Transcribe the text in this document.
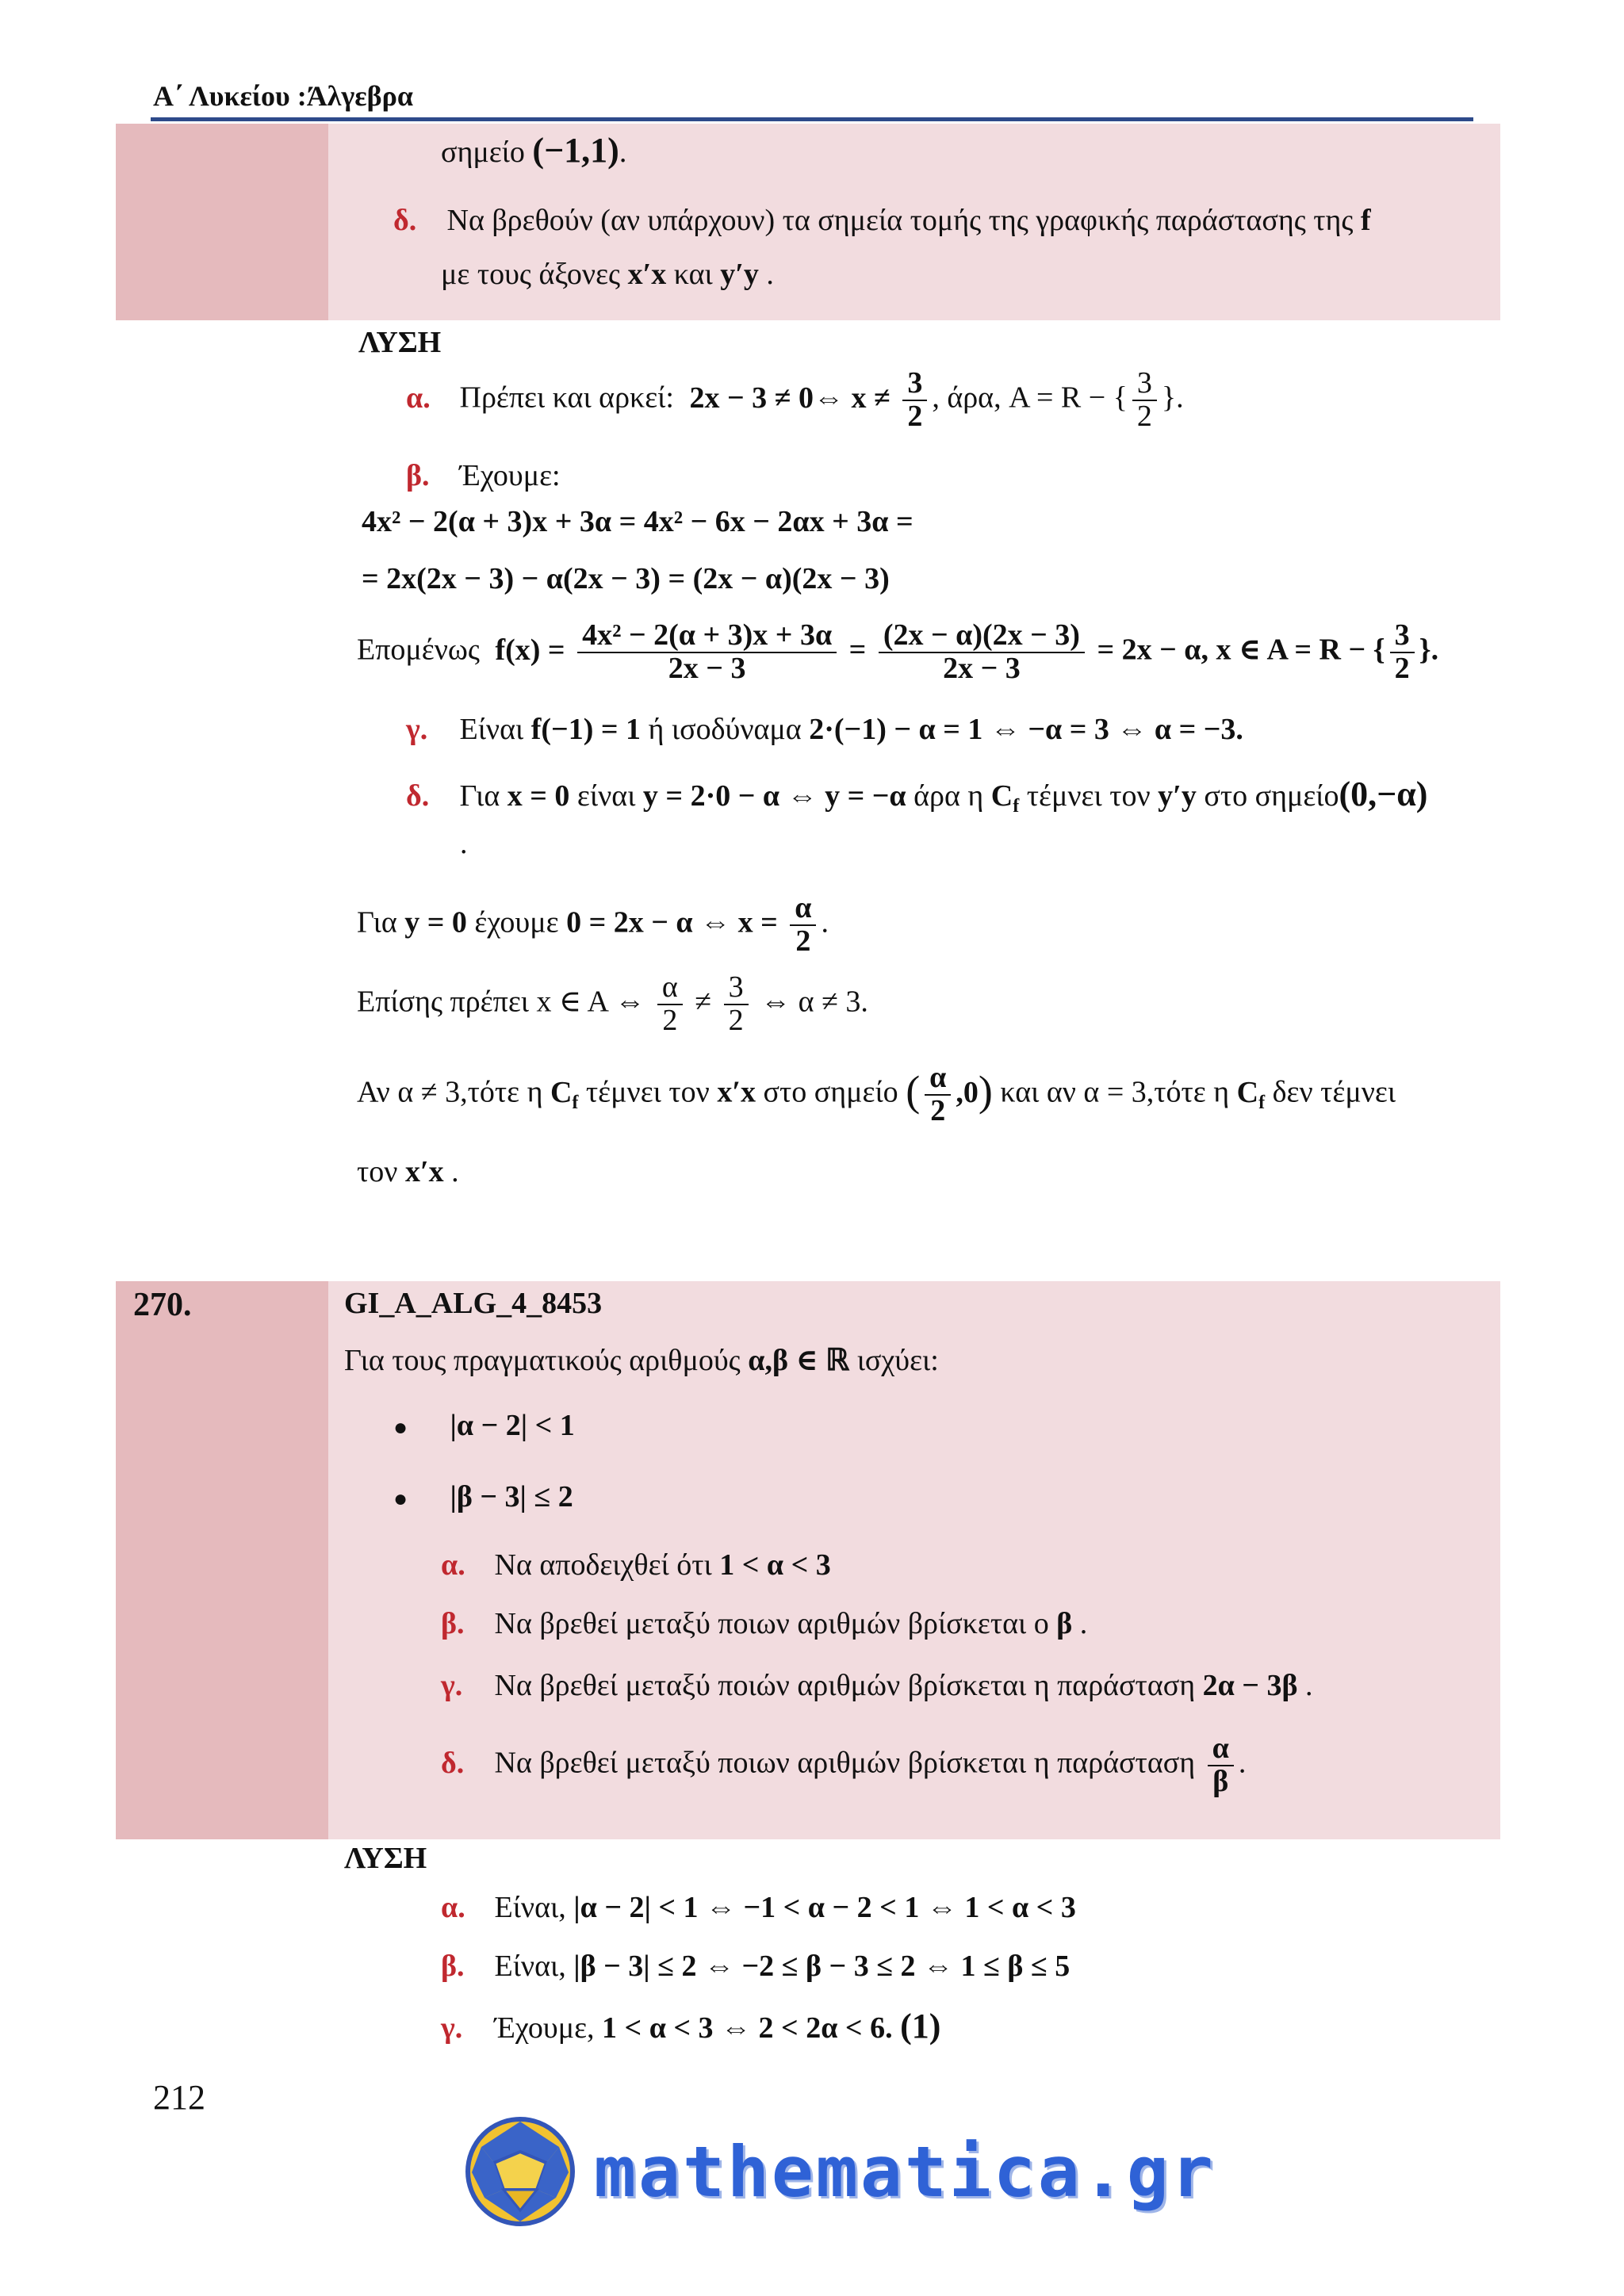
Α΄ Λυκείου :Άλγεβρα
σημείο (−1,1).
δ. Να βρεθούν (αν υπάρχουν) τα σημεία τομής της γραφικής παράστασης της f
με τους άξονες x′x και y′y .
ΛΥΣΗ
α. Πρέπει και αρκεί: 2x − 3 ≠ 0⇔ $x \ne \frac{3}{2}$ , άρα, A = R − { $\frac{3}{2}$ }.
β. Έχουμε:
4x² − 2(α + 3)x + 3α = 4x² − 6x − 2αx + 3α =
= 2x(2x − 3) − α(2x − 3) = (2x − α)(2x − 3)
Επομένως $f(x) = \frac{\text{4x² − 2(α + 3)x + 3α}}{2x - 3} = \frac{(2x - \alpha)(2x - 3)}{2x - 3} = 2x - \alpha$, x ∈ A = R − { $\frac{3}{2}$ }.
γ. Είναι f(−1) = 1 ή ισοδύναμα 2·(−1) − α = 1 ⇔ −α = 3 ⇔ α = −3.
δ. Για x = 0 είναι y = 2·0 − α ⇔ y = −α άρα η $C_f$ τέμνει τον y′y στο σημείο(0,−α)
.
Για y = 0 έχουμε 0 = 2x − α ⇔ $x = \frac{\alpha}{2}$ .
Επίσης πρέπει x ∈ A ⇔ $\frac{\alpha}{2} \ne \frac{3}{2}$ ⇔ α ≠ 3.
Αν α ≠ 3,τότε η $C_f$ τέμνει τον x′x στο σημείο ( $\frac{\alpha}{2} ,0$) και αν α = 3,τότε η $C_f$ δεν τέμνει
τον x′x .
270.	GI_A_ALG_4_8453
Για τους πραγματικούς αριθμούς α,β ∈ ℝ ισχύει:
● |α − 2| < 1
● |β − 3| ≤ 2
α. Να αποδειχθεί ότι 1 < α < 3
β. Να βρεθεί μεταξύ ποιων αριθμών βρίσκεται ο β .
γ. Να βρεθεί μεταξύ ποιών αριθμών βρίσκεται η παράσταση 2α − 3β .
δ. Να βρεθεί μεταξύ ποιων αριθμών βρίσκεται η παράσταση $\frac{\alpha}{\beta}$ .
ΛΥΣΗ
α. Είναι, |α − 2| < 1 ⇔ −1 < α − 2 < 1 ⇔ 1 < α < 3
β. Είναι, |β − 3| ≤ 2 ⇔ −2 ≤ β − 3 ≤ 2 ⇔ 1 ≤ β ≤ 5
γ. Έχουμε, 1 < α < 3 ⇔ 2 < 2α < 6. (1)
212
mathematica.gr
